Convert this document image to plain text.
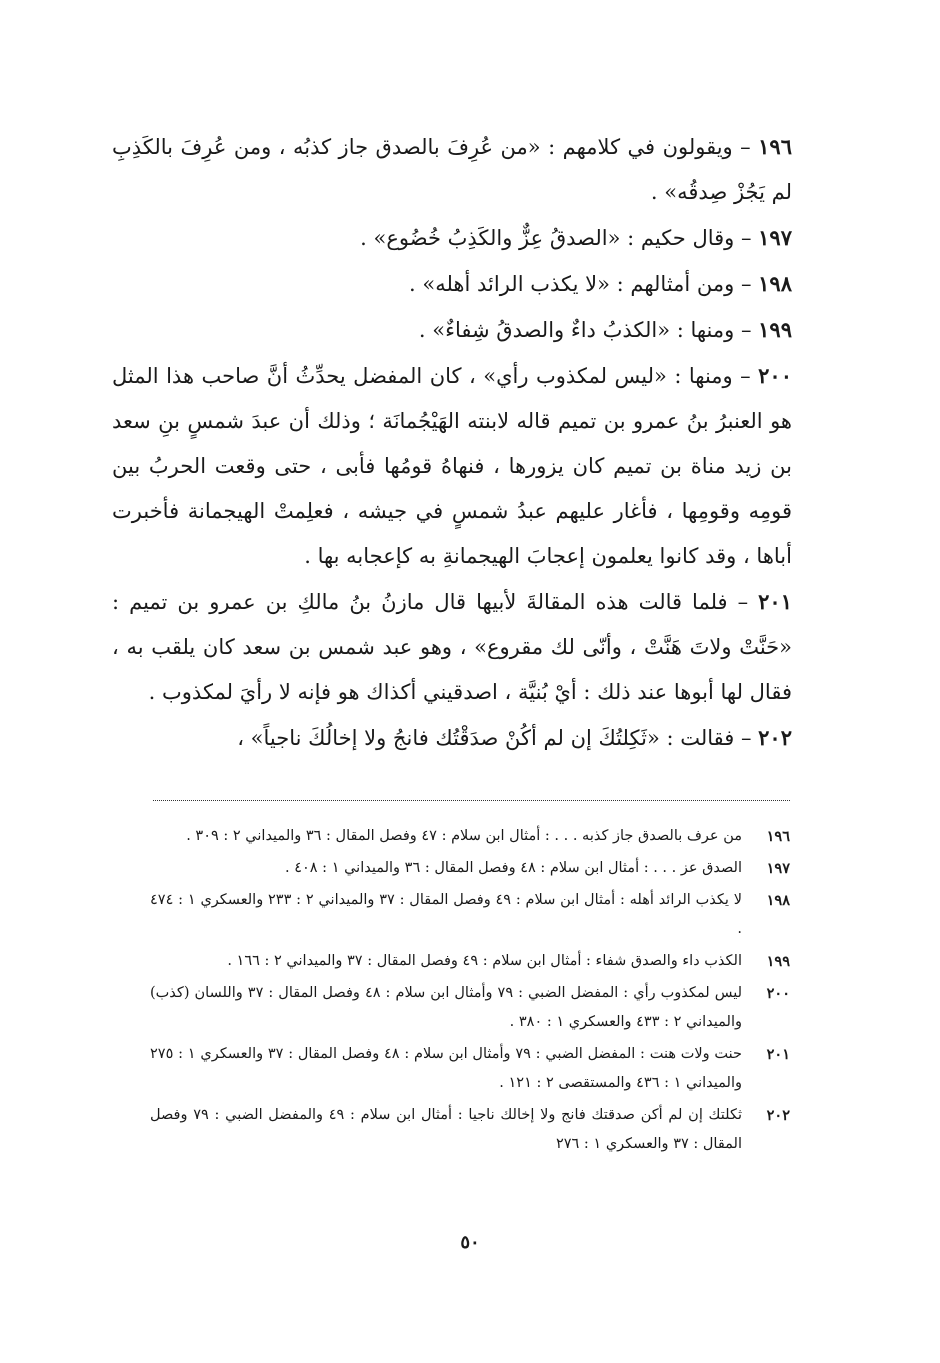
١٩٦ – ويقولون في كلامهم : «من عُرِفَ بالصدق جاز كذبُه ، ومن عُرِفَ بالكَذِبِ لم يَجُزْ صِدقُه» .

١٩٧ – وقال حكيم : «الصدقُ عِزٌّ والكَذِبُ خُضُوع» .

١٩٨ – ومن أمثالهم : «لا يكذب الرائد أهله» .

١٩٩ – ومنها : «الكذبُ داءٌ والصدقُ شِفاءٌ» .

٢٠٠ – ومنها : «ليس لمكذوب رأي» ، كان المفضل يحدِّثُ أنَّ صاحب هذا المثل هو العنبرُ بنُ عمرو بن تميم قاله لابنته الهَيْجُمانَة ؛ وذلك أن عبدَ شمسٍ بنِ سعد بن زيد مناة بن تميم كان يزورها ، فنهاهُ قومُها فأبى ، حتى وقعت الحربُ بين قومِه وقومِها ، فأغار عليهم عبدُ شمسٍ في جيشه ، فعلِمتْ الهيجمانة فأخبرت أباها ، وقد كانوا يعلمون إعجابَ الهيجمانةِ به كإعجابه بها .

٢٠١ – فلما قالت هذه المقالةَ لأبيها قال مازنُ بنُ مالكِ بن عمرو بن تميم : «حَنَّتْ ولاتَ هَنَّتْ ، وأنّى لك مقروع» ، وهو عبد شمس بن سعد كان يلقب به ، فقال لها أبوها عند ذلك : أيْ بُنيَّة ، اصدقيني أكذاك هو فإنه لا رأيَ لمكذوب .

٢٠٢ – فقالت : «ثَكِلتُكَ إن لم أكُنْ صدَقْتُك فانجُ ولا إخالُكَ ناجياً» ،

١٩٦
من عرف بالصدق جاز كذبه . . . : أمثال ابن سلام : ٤٧ وفصل المقال : ٣٦ والميداني ٢ : ٣٠٩ .
١٩٧
الصدق عز . . . : أمثال ابن سلام : ٤٨ وفصل المقال : ٣٦ والميداني ١ : ٤٠٨ .
١٩٨
لا يكذب الرائد أهله : أمثال ابن سلام : ٤٩ وفصل المقال : ٣٧ والميداني ٢ : ٢٣٣ والعسكري ١ : ٤٧٤ .
١٩٩
الكذب داء والصدق شفاء : أمثال ابن سلام : ٤٩ وفصل المقال : ٣٧ والميداني ٢ : ١٦٦ .
٢٠٠
ليس لمكذوب رأي : المفضل الضبي : ٧٩ وأمثال ابن سلام : ٤٨ وفصل المقال : ٣٧ واللسان (كذب) والميداني ٢ : ٤٣٣ والعسكري ١ : ٣٨٠ .
٢٠١
حنت ولات هنت : المفضل الضبي : ٧٩ وأمثال ابن سلام : ٤٨ وفصل المقال : ٣٧ والعسكري ١ : ٢٧٥ والميداني ١ : ٤٣٦ والمستقصى ٢ : ١٢١ .
٢٠٢
ثكلتك إن لم أكن صدقتك فانج ولا إخالك ناجيا : أمثال ابن سلام : ٤٩ والمفضل الضبي : ٧٩ وفصل المقال : ٣٧ والعسكري ١ : ٢٧٦
٥٠
